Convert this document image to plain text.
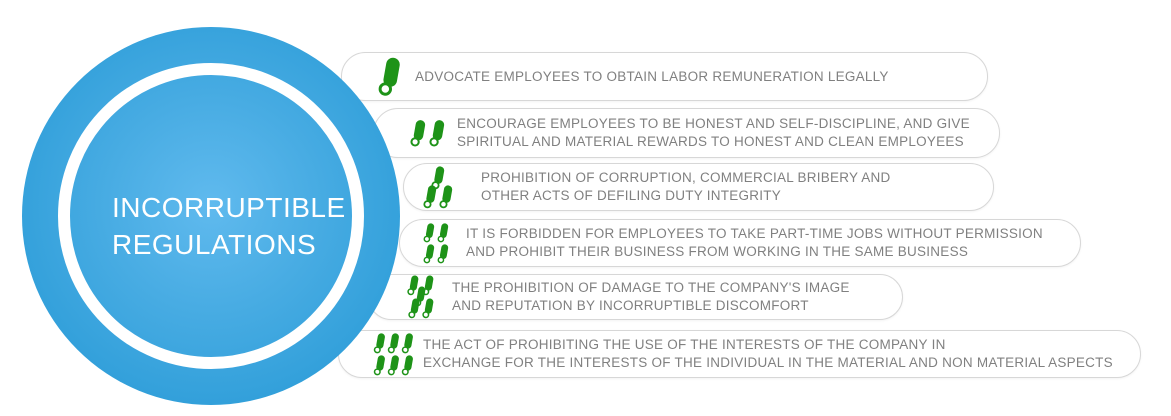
ADVOCATE EMPLOYEES TO OBTAIN LABOR REMUNERATION LEGALLY
ENCOURAGE EMPLOYEES TO BE HONEST AND SELF-DISCIPLINE, AND GIVE
SPIRITUAL AND MATERIAL REWARDS TO HONEST AND CLEAN EMPLOYEES
PROHIBITION OF CORRUPTION, COMMERCIAL BRIBERY AND
OTHER ACTS OF DEFILING DUTY INTEGRITY
IT IS FORBIDDEN FOR EMPLOYEES TO TAKE PART-TIME JOBS WITHOUT PERMISSION
AND PROHIBIT THEIR BUSINESS FROM WORKING IN THE SAME BUSINESS
THE PROHIBITION OF DAMAGE TO THE COMPANY'S IMAGE
AND REPUTATION BY INCORRUPTIBLE DISCOMFORT
THE ACT OF PROHIBITING THE USE OF THE INTERESTS OF THE COMPANY IN
EXCHANGE FOR THE INTERESTS OF THE INDIVIDUAL IN THE MATERIAL AND NON MATERIAL ASPECTS
INCORRUPTIBLE
REGULATIONS
